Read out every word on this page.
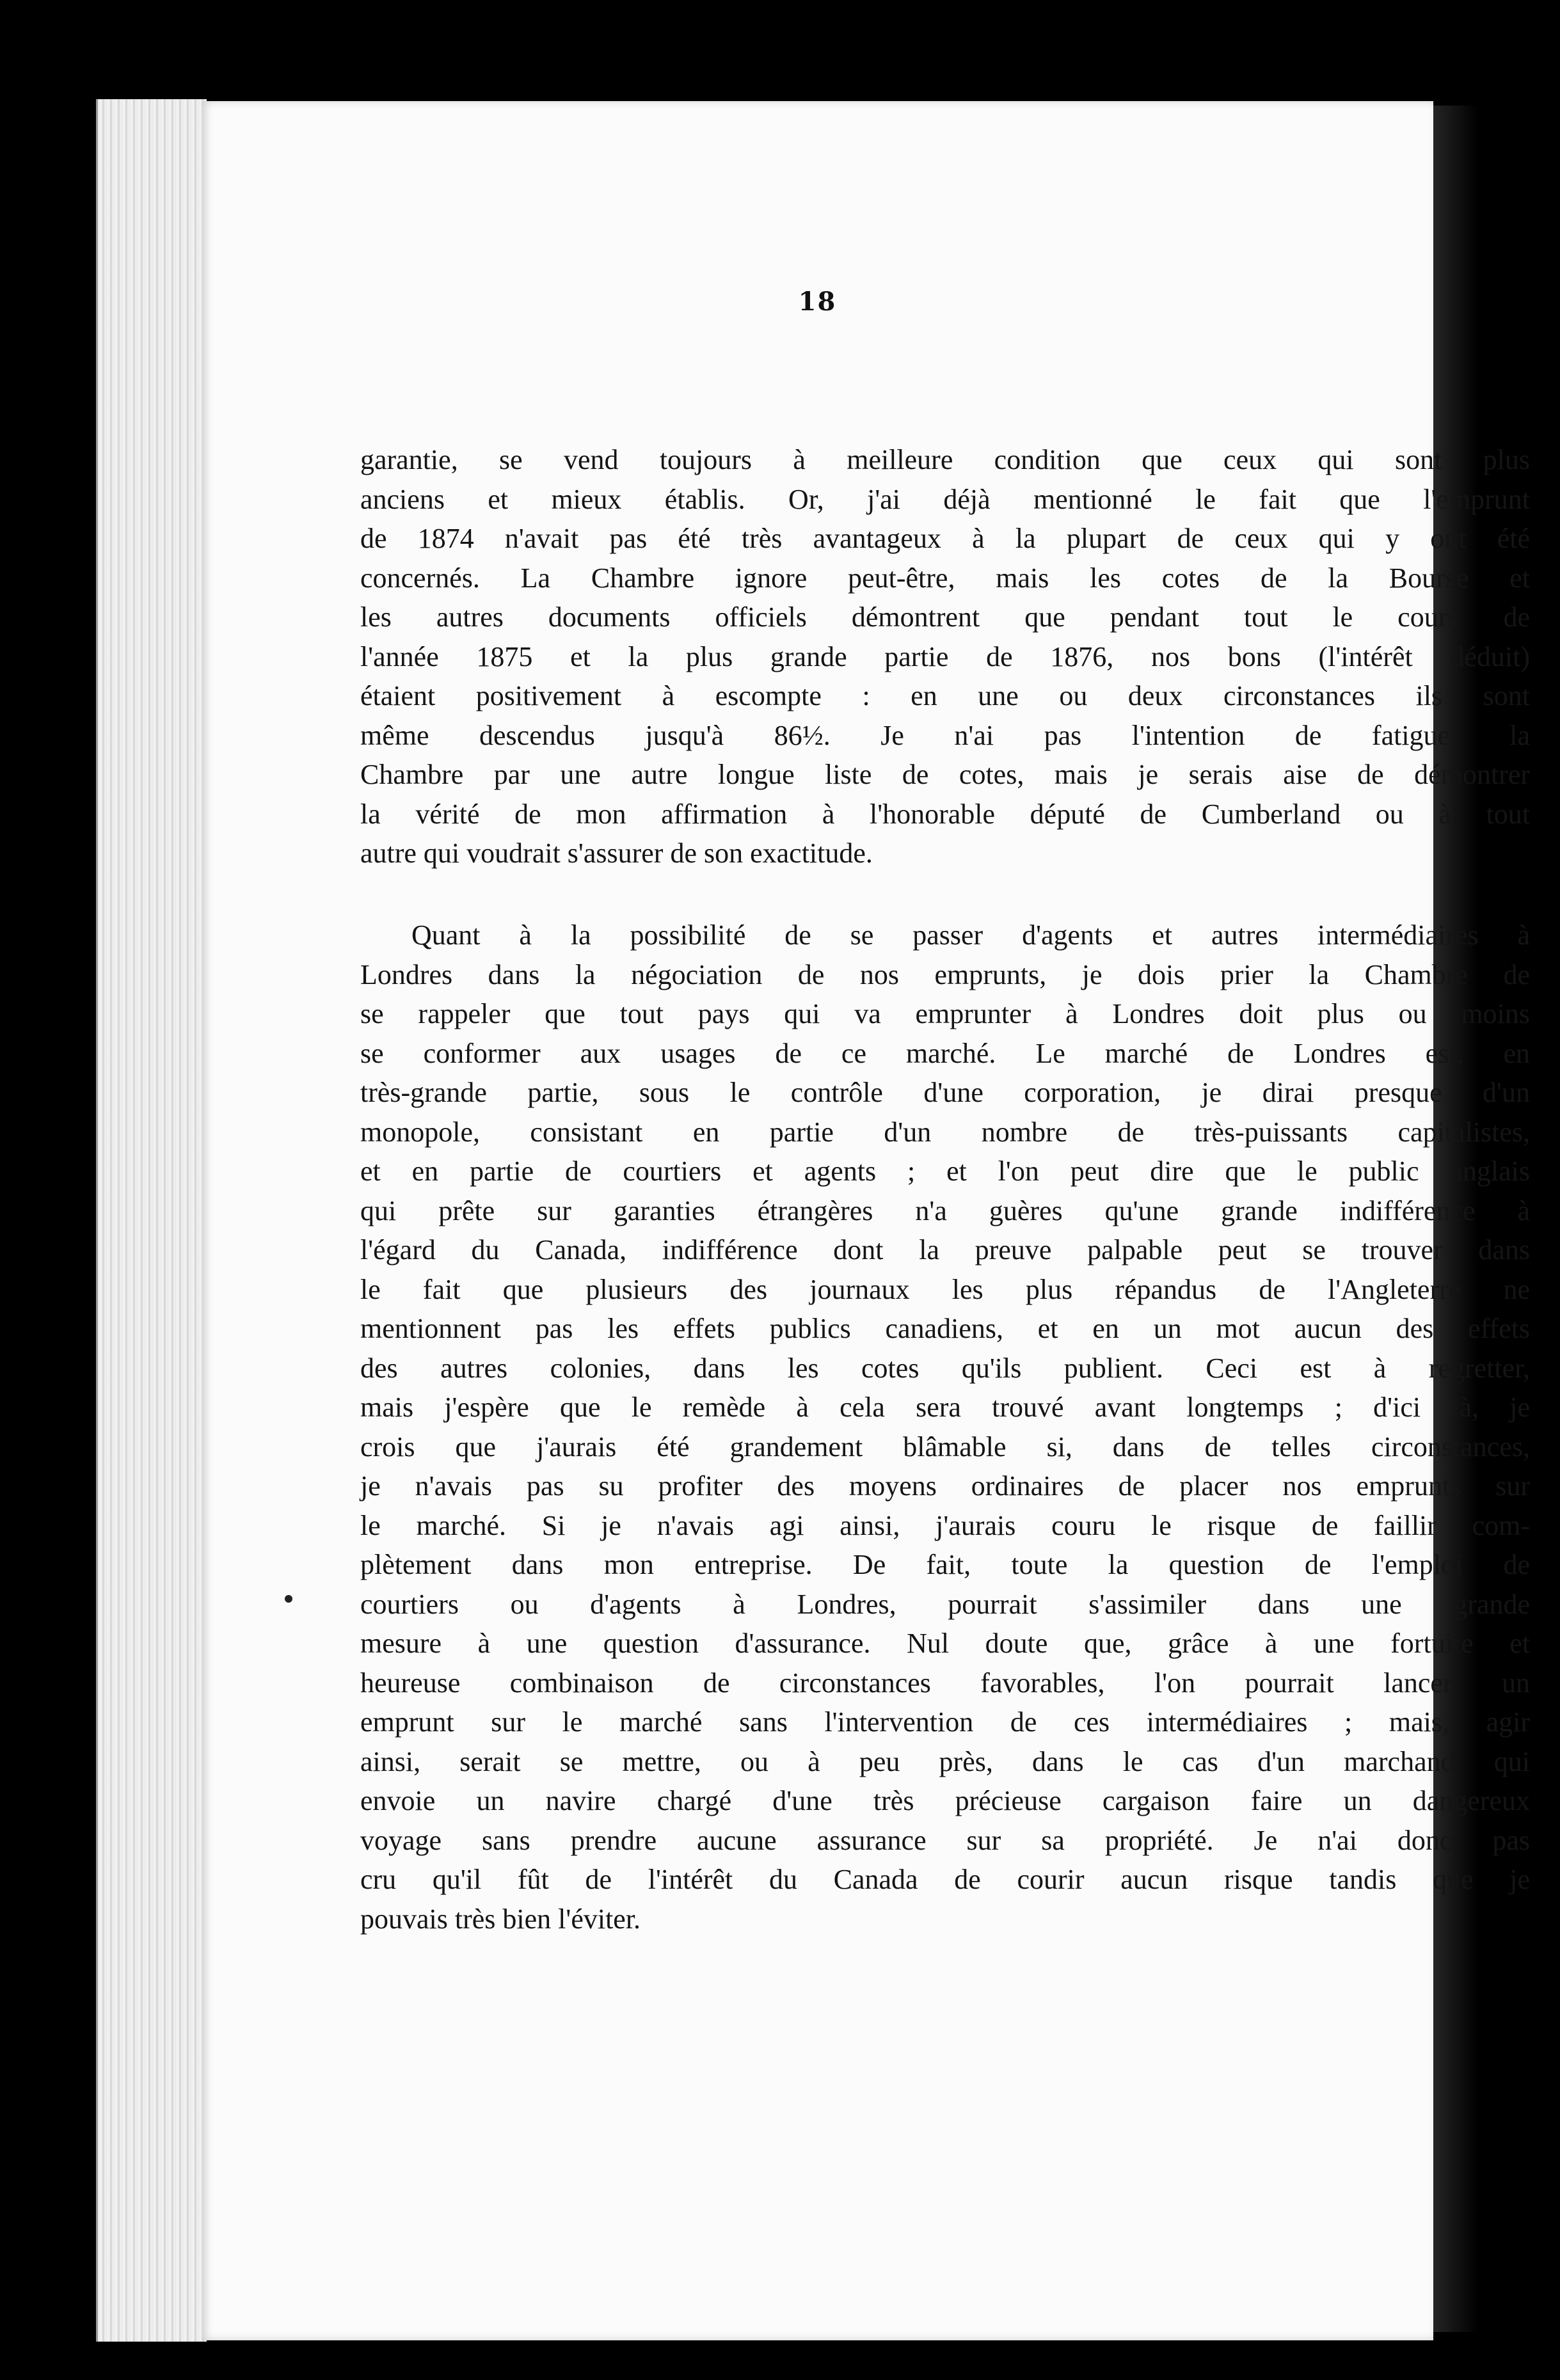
18
garantie, se vend toujours à meilleure condition que ceux qui sont plus
anciens et mieux établis. Or, j'ai déjà mentionné le fait que l'emprunt
de 1874 n'avait pas été très avantageux à la plupart de ceux qui y ont été
concernés. La Chambre ignore peut-être, mais les cotes de la Bourse et
les autres documents officiels démontrent que pendant tout le cours de
l'année 1875 et la plus grande partie de 1876, nos bons (l'intérêt déduit)
étaient positivement à escompte : en une ou deux circonstances ils sont
même descendus jusqu'à 86½. Je n'ai pas l'intention de fatiguer la
Chambre par une autre longue liste de cotes, mais je serais aise de démontrer
la vérité de mon affirmation à l'honorable député de Cumberland ou à tout
autre qui voudrait s'assurer de son exactitude.
Quant à la possibilité de se passer d'agents et autres intermédiaires à
Londres dans la négociation de nos emprunts, je dois prier la Chambre de
se rappeler que tout pays qui va emprunter à Londres doit plus ou moins
se conformer aux usages de ce marché. Le marché de Londres est, en
très-grande partie, sous le contrôle d'une corporation, je dirai presque d'un
monopole, consistant en partie d'un nombre de très-puissants capitalistes,
et en partie de courtiers et agents ; et l'on peut dire que le public anglais
qui prête sur garanties étrangères n'a guères qu'une grande indifférence à
l'égard du Canada, indifférence dont la preuve palpable peut se trouver dans
le fait que plusieurs des journaux les plus répandus de l'Angleterre ne
mentionnent pas les effets publics canadiens, et en un mot aucun des effets
des autres colonies, dans les cotes qu'ils publient. Ceci est à regretter,
mais j'espère que le remède à cela sera trouvé avant longtemps ; d'ici là, je
crois que j'aurais été grandement blâmable si, dans de telles circonstances,
je n'avais pas su profiter des moyens ordinaires de placer nos emprunts sur
le marché. Si je n'avais agi ainsi, j'aurais couru le risque de faillir com-
plètement dans mon entreprise. De fait, toute la question de l'emploi de
courtiers ou d'agents à Londres, pourrait s'assimiler dans une grande
mesure à une question d'assurance. Nul doute que, grâce à une fortuite et
heureuse combinaison de circonstances favorables, l'on pourrait lancer un
emprunt sur le marché sans l'intervention de ces intermédiaires ; mais, agir
ainsi, serait se mettre, ou à peu près, dans le cas d'un marchand qui
envoie un navire chargé d'une très précieuse cargaison faire un dangereux
voyage sans prendre aucune assurance sur sa propriété. Je n'ai donc pas
cru qu'il fût de l'intérêt du Canada de courir aucun risque tandis que je
pouvais très bien l'éviter.
